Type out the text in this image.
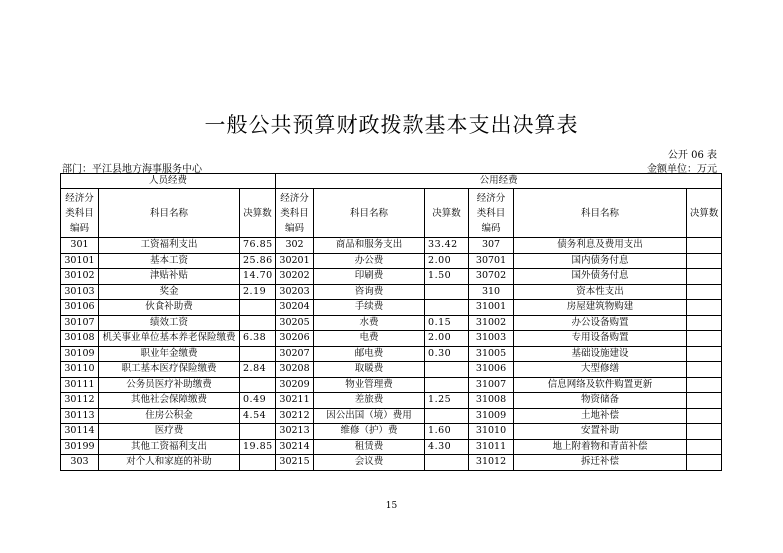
一般公共预算财政拨款基本支出决算表
公开 06 表
部门：平江县地方海事服务中心	金额单位：万元
人员经费			公用经费					
经济分
类科目
编码	科目名称	决算数	经济分
类科目
编码	科目名称	决算数	经济分
类科目
编码	科目名称	决算数
301	工资福利支出	76.85	302	商品和服务支出	33.42	307	债务利息及费用支出	
30101	基本工资	25.86	30201	办公费	2.00	30701	国内债务付息	
30102	津贴补贴	14.70	30202	印刷费	1.50	30702	国外债务付息	
30103	奖金	2.19	30203	咨询费		310	资本性支出	
30106	伙食补助费		30204	手续费		31001	房屋建筑物购建	
30107	绩效工资		30205	水费	0.15	31002	办公设备购置	
30108	机关事业单位基本养老保险缴费	6.38	30206	电费	2.00	31003	专用设备购置	
30109	职业年金缴费		30207	邮电费	0.30	31005	基础设施建设	
30110	职工基本医疗保险缴费	2.84	30208	取暖费		31006	大型修缮	
30111	公务员医疗补助缴费		30209	物业管理费		31007	信息网络及软件购置更新	
30112	其他社会保障缴费	0.49	30211	差旅费	1.25	31008	物资储备	
30113	住房公积金	4.54	30212	因公出国（境）费用		31009	土地补偿	
30114	医疗费		30213	维修（护）费	1.60	31010	安置补助	
30199	其他工资福利支出	19.85	30214	租赁费	4.30	31011	地上附着物和青苗补偿	
303	对个人和家庭的补助		30215	会议费		31012	拆迁补偿	
15
